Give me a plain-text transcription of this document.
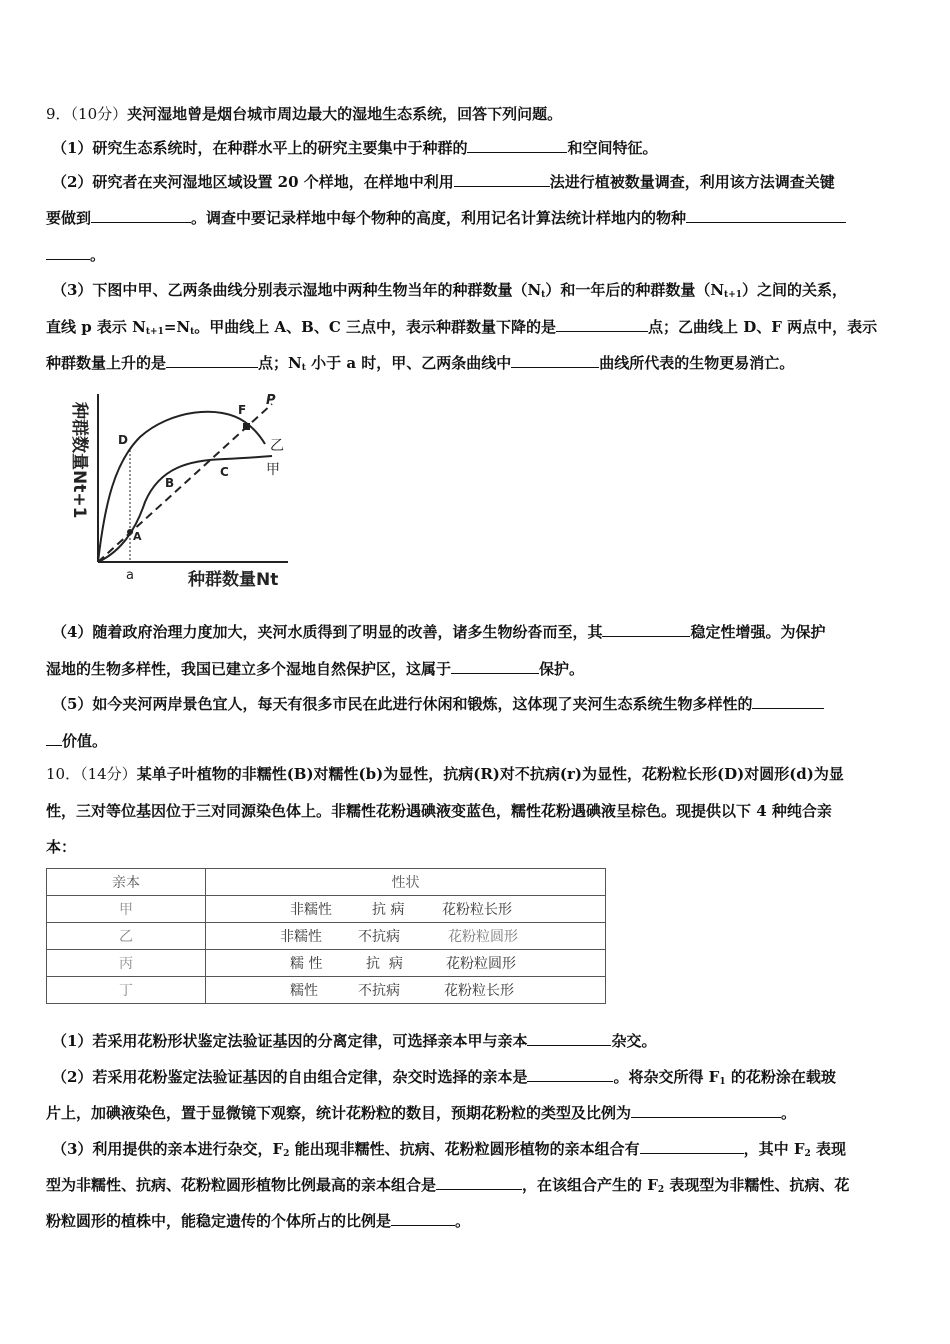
9．（10分）夹河湿地曾是烟台城市周边最大的湿地生态系统，回答下列问题。
（1）研究生态系统时，在种群水平上的研究主要集中于种群的	和空间特征。
（2）研究者在夹河湿地区域设置 20 个样地，在样地中利用	法进行植被数量调查，利用该方法调查关键
要做到	。调查中要记录样地中每个物种的高度，利用记名计算法统计样地内的物种
。
（3）下图中甲、乙两条曲线分别表示湿地中两种生物当年的种群数量$(N_t)$和一年后的种群数量$(N_{t+1})$之间的关系，
直线 p 表示 $N_{t+1}=N_t$。甲曲线上 A、B、C 三点中，表示种群数量下降的是	点；乙曲线上 D、F 两点中，表示
种群数量上升的是	点；$N_t$ 小于 a 时，甲、乙两条曲线中	曲线所代表的生物更易消亡。
种群数量Nt+1 D
F
P
乙
甲
B
C
A
a	种群数量Nt
（4）随着政府治理力度加大，夹河水质得到了明显的改善，诸多生物纷沓而至，其	稳定性增强。为保护
湿地的生物多样性，我国已建立多个湿地自然保护区，这属于	保护。
（5）如今夹河两岸景色宜人，每天有很多市民在此进行休闲和锻炼，这体现了夹河生态系统生物多样性的
价值。
10．（14分）某单子叶植物的非糯性(B)对糯性(b)为显性，抗病(R)对不抗病(r)为显性，花粉粒长形(D)对圆形(d)为显
性，三对等位基因位于三对同源染色体上。非糯性花粉遇碘液变蓝色，糯性花粉遇碘液呈棕色。现提供以下 4 种纯合亲
本：
亲本	性状
甲	非糯性 抗 病 花粉粒长形
乙	非糯性 不抗病 花粉粒圆形
丙	糯 性 抗  病 花粉粒圆形
丁	糯性 不抗病 花粉粒长形
（1）若采用花粉形状鉴定法验证基因的分离定律，可选择亲本甲与亲本	杂交。
（2）若采用花粉鉴定法验证基因的自由组合定律，杂交时选择的亲本是	。将杂交所得 $F_1$ 的花粉涂在载玻
片上，加碘液染色，置于显微镜下观察，统计花粉粒的数目，预期花粉粒的类型及比例为	。
（3）利用提供的亲本进行杂交，$F_2$ 能出现非糯性、抗病、花粉粒圆形植物的亲本组合有	，其中 $F_2$ 表现
型为非糯性、抗病、花粉粒圆形植物比例最高的亲本组合是	，在该组合产生的 $F_2$ 表现型为非糯性、抗病、花
粉粒圆形的植株中，能稳定遗传的个体所占的比例是	。
